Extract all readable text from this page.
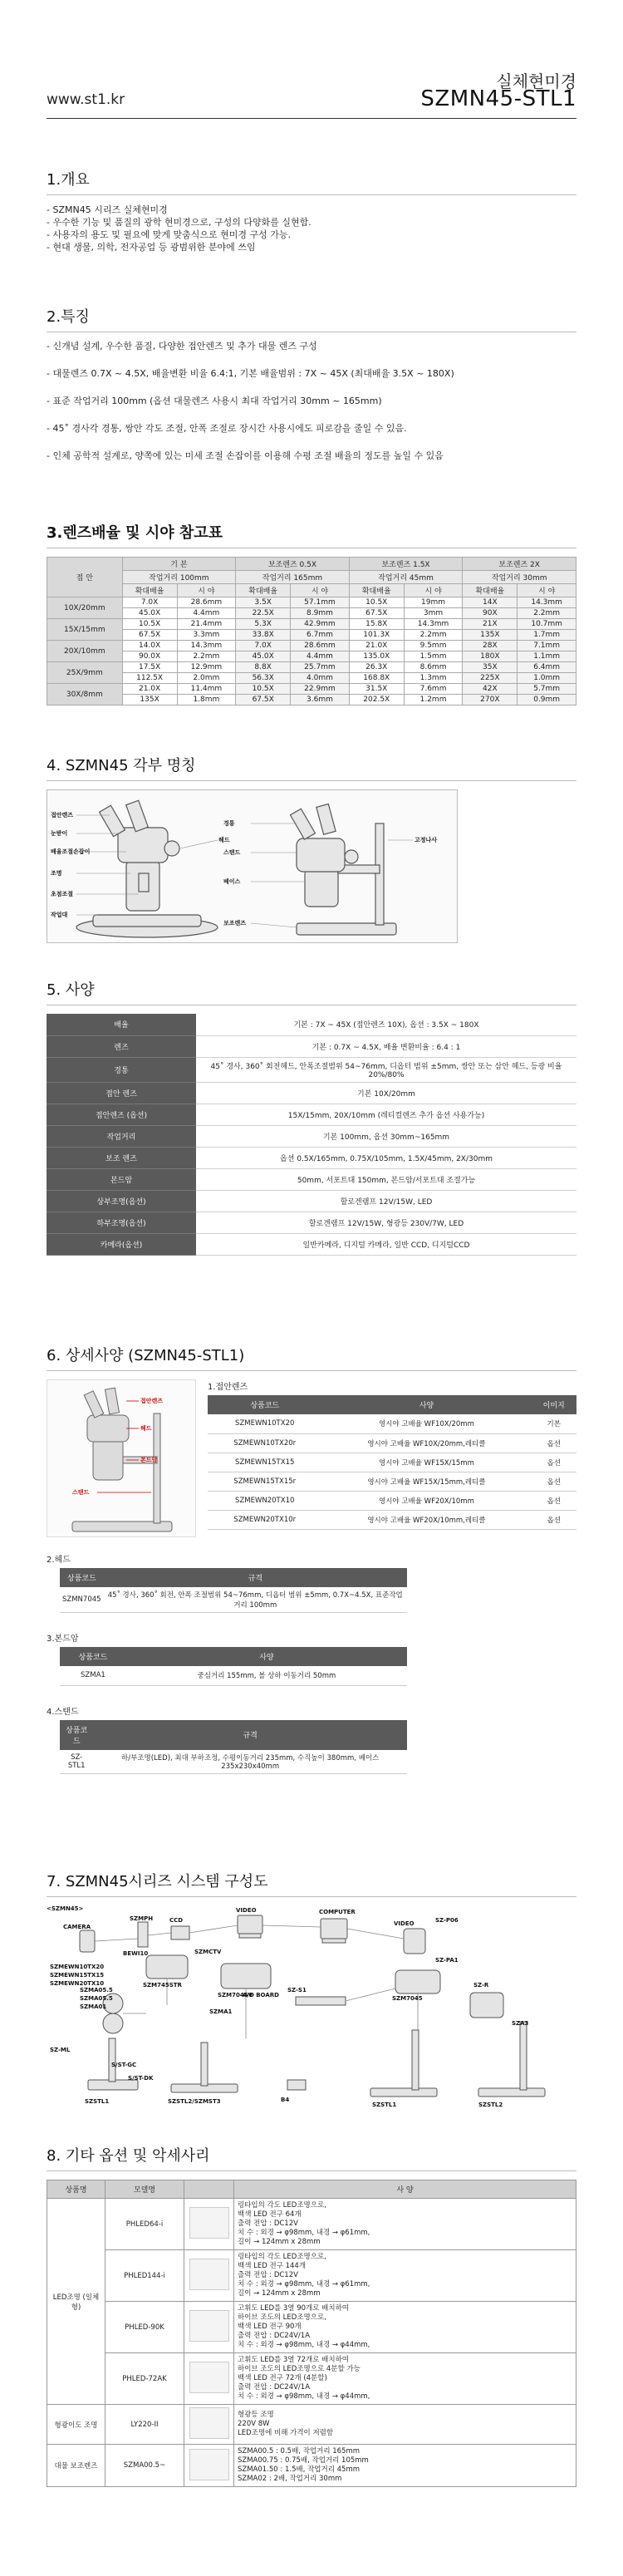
실체현미경
www.st1.kr	SZMN45-STL1
1.개요
- SZMN45 시리즈 실체현미경
- 우수한 기능 및 품질의 광학 현미경으로, 구성의 다양화를 실현함.
- 사용자의 용도 및 필요에 맞게 맞춤식으로 현미경 구성 가능.
- 현대 생물, 의학, 전자공업 등 광범위한 분야에 쓰임
2.특징
- 신개념 설계, 우수한 품질, 다양한 접안렌즈 및 추가 대물 렌즈 구성
- 대물렌즈 0.7X ~ 4.5X, 배율변환 비율 6.4:1, 기본 배율범위 : 7X ~ 45X (최대배율 3.5X ~ 180X)
- 표준 작업거리 100mm (옵션 대물렌즈 사용시 최대 작업거리 30mm ~ 165mm)
- 45˚ 경사각 경통, 쌍안 각도 조절, 안폭 조절로 장시간 사용시에도 피로감을 줄일 수 있음.
- 인체 공학적 설계로, 양쪽에 있는 미세 조절 손잡이를 이용해 수평 조절 배율의 정도를 높일 수 있음
3.렌즈배율 및 시야 참고표
접 안	기 본		보조렌즈 0.5X		보조렌즈 1.5X		보조렌즈 2X	
	작업거리 100mm		작업거리 165mm		작업거리 45mm		작업거리 30mm	
	확대배율	시 야	확대배율	시 야	확대배율	시 야	확대배율	시 야
10X/20mm	7.0X	28.6mm	3.5X	57.1mm	10.5X	19mm	14X	14.3mm
	45.0X	4.4mm	22.5X	8.9mm	67.5X	3mm	90X	2.2mm
15X/15mm	10.5X	21.4mm	5.3X	42.9mm	15.8X	14.3mm	21X	10.7mm
	67.5X	3.3mm	33.8X	6.7mm	101.3X	2.2mm	135X	1.7mm
20X/10mm	14.0X	14.3mm	7.0X	28.6mm	21.0X	9.5mm	28X	7.1mm
	90.0X	2.2mm	45.0X	4.4mm	135.0X	1.5mm	180X	1.1mm
25X/9mm	17.5X	12.9mm	8.8X	25.7mm	26.3X	8.6mm	35X	6.4mm
	112.5X	2.0mm	56.3X	4.0mm	168.8X	1.3mm	225X	1.0mm
30X/8mm	21.0X	11.4mm	10.5X	22.9mm	31.5X	7.6mm	42X	5.7mm
	135X	1.8mm	67.5X	3.6mm	202.5X	1.2mm	270X	0.9mm
4. SZMN45 각부 명칭
접안렌즈
눈받이
배율조절손잡이
조명
초점조절
작업대
헤드
경통
스탠드
베이스
보조렌즈
고정나사
5. 사양
배율	기본 : 7X ~ 45X (접안렌즈 10X), 옵션 : 3.5X ~ 180X
렌즈	기본 : 0.7X ~ 4.5X, 배율 변환비율 : 6.4 : 1
경통	45˚ 경사, 360˚ 회전헤드, 안폭조절범위 54~76mm, 디옵터 범위 ±5mm, 쌍안 또는 삼안 헤드, 등광 비율 20%/80%
접안 렌즈	기본 10X/20mm
접안렌즈 (옵션)	15X/15mm, 20X/10mm (레티컬렌즈 추가 옵션 사용가능)
작업거리	기본 100mm, 옵션 30mm~165mm
보조 렌즈	옵션 0.5X/165mm, 0.75X/105mm, 1.5X/45mm, 2X/30mm
본드암	50mm, 서포트대 150mm, 본드암/서포트대 조절가능
상부조명(옵션)	할로겐램프 12V/15W, LED
하부조명(옵션)	할로겐램프 12V/15W, 형광등 230V/7W, LED
카메라(옵션)	일반카메라, 디지털 카메라, 일반 CCD, 디지털CCD
6. 상세사양 (SZMN45-STL1)
접안렌즈
헤드
본드암
스탠드
1.접안렌즈
상품코드	사양	이미지
SZMEWN10TX20	영시야 고배율 WF10X/20mm	기본
SZMEWN10TX20r	영시야 고배율 WF10X/20mm,레티클	옵션
SZMEWN15TX15	영시야 고배율 WF15X/15mm	옵션
SZMEWN15TX15r	영시야 고배율 WF15X/15mm,레티클	옵션
SZMEWN20TX10	영시야 고배율 WF20X/10mm	옵션
SZMEWN20TX10r	영시야 고배율 WF20X/10mm,레티클	옵션
2.헤드
상품코드	규격
SZMN7045	45˚ 경사, 360˚ 회전, 안폭 조절범위 54~76mm, 디옵터 범위 ±5mm, 0.7X~4.5X, 표준작업거리 100mm
3.본드암
상품코드	사양
SZMA1	중심거리 155mm, 볼 상하 이동거리 50mm
4.스탠드
상품코드	규격
SZ-STL1	하/부조명(LED), 최대 부하조정, 수평이동거리 235mm, 수직높이 380mm, 베이스 235x230x40mm
7. SZMN45시리즈 시스템 구성도
<SZMN45>
CAMERA
SZMPH
BEWI10
CCD
VIDEO	COMPUTER
VIDEO	SZ-P06
SZ-PA1
SZMEWN10TX20
SZMEWN15TX15
SZMEWN20TX10
SZMA05.5
SZMA05.5
SZMA01
SZM745STR
SZMCTV
A/D BOARD
SZM7045V
SZ-S1
SZM7045
SZMA1
SZA3
SZ-R
S/ST-GC
S/ST-DK
SZ-ML
SZSTL1	SZSTL2/SZMST3	B4
SZSTL1	SZSTL2
8. 기타 옵션 및 악세사리
상품명	모델명		사 양
LED조명 (일체형)	PHLED64-i		링타입의 각도 LED조명으로,
백색 LED 전구 64개
출력 전압 : DC12V
치 수 : 외경 → φ98mm, 내경 → φ61mm,
길이 → 124mm x 28mm

	PHLED144-i		링타입의 각도 LED조명으로,
백색 LED 전구 144개
출력 전압 : DC12V
치 수 : 외경 → φ98mm, 내경 → φ61mm,
길이 → 124mm x 28mm

	PHLED-90K		고휘도 LED를 3열 90개로 배치하여
하이브 조도의 LED조명으로,
백색 LED 전구 90개
출력 전압 : DC24V/1A
치 수 : 외경 → φ98mm, 내경 → φ44mm,

	PHLED-72AK		고휘도 LED를 3열 72개로 배치하여
하이브 조도의 LED조명으로 4분할 가능
백색 LED 전구 72개 (4분할)
출력 전압 : DC24V/1A
치 수 : 외경 → φ98mm, 내경 → φ44mm,

형광이도 조명	LY220-II		형광등 조명
220V 8W
LED조명에 비해 가격이 저렴함

대물 보조렌즈	SZMA00.5~		SZMA00.5 : 0.5배, 작업거리 165mm
SZMA00.75 : 0.75배, 작업거리 105mm
SZMA01.50 : 1.5배, 작업거리 45mm
SZMA02 : 2배, 작업거리 30mm
